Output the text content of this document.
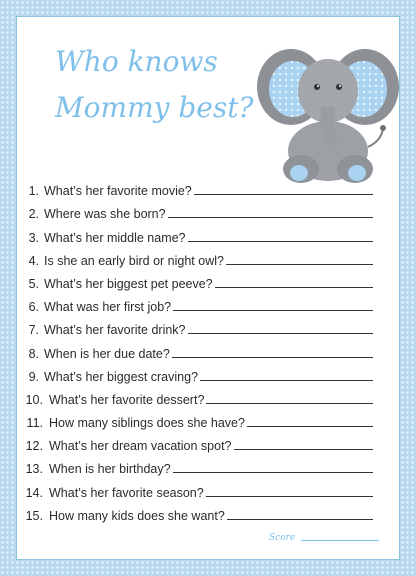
Who knows
Mommy best?
1. What’s her favorite movie?
2. Where was she born?
3. What’s her middle name?
4. Is she an early bird or night owl?
5. What’s her biggest pet peeve?
6. What was her first job?
7. What’s her favorite drink?
8. When is her due date?
9. What’s her biggest craving?
10. What’s her favorite dessert?
11. How many siblings does she have?
12. What’s her dream vacation spot?
13. When is her birthday?
14. What’s her favorite season?
15. How many kids does she want?
Score
